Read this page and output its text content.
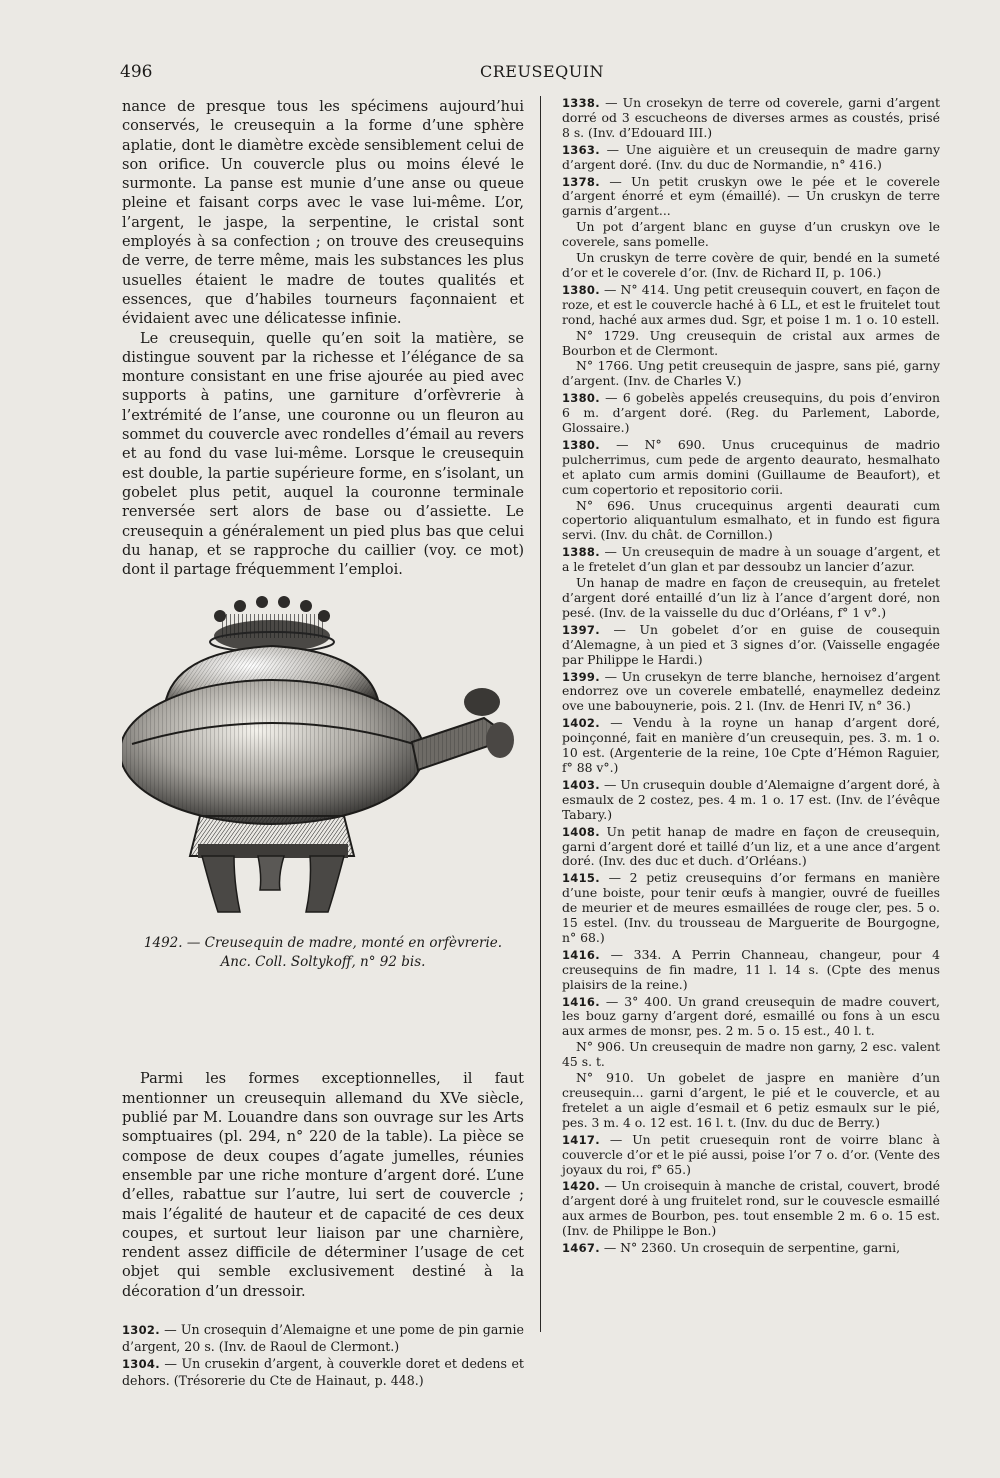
496	CREUSEQUIN

nance de presque tous les spécimens aujourd’hui conservés, le creusequin a la forme d’une sphère aplatie, dont le diamètre excède sensiblement celui de son orifice. Un couvercle plus ou moins élevé le surmonte. La panse est munie d’une anse ou queue pleine et faisant corps avec le vase lui-même. L’or, l’argent, le jaspe, la serpentine, le cristal sont employés à sa confection ; on trouve des creusequins de verre, de terre même, mais les substances les plus usuelles étaient le madre de toutes qualités et essences, que d’habiles tourneurs façonnaient et évidaient avec une délicatesse infinie.

Le creusequin, quelle qu’en soit la matière, se distingue souvent par la richesse et l’élégance de sa monture consistant en une frise ajourée au pied avec supports à patins, une garniture d’orfèvrerie à l’extrémité de l’anse, une couronne ou un fleuron au sommet du couvercle avec rondelles d’émail au revers et au fond du vase lui-même. Lorsque le creusequin est double, la partie supérieure forme, en s’isolant, un gobelet plus petit, auquel la couronne terminale renversée sert alors de base ou d’assiette. Le creusequin a généralement un pied plus bas que celui du hanap, et se rapproche du caillier (voy. ce mot) dont il partage fréquemment l’emploi.

1492. — Creusequin de madre, monté en orfèvrerie.
Anc. Coll. Soltykoff, n° 92 bis.

Parmi les formes exceptionnelles, il faut mentionner un creusequin allemand du XVe siècle, publié par M. Louandre dans son ouvrage sur les Arts somptuaires (pl. 294, n° 220 de la table). La pièce se compose de deux coupes d’agate jumelles, réunies ensemble par une riche monture d’argent doré. L’une d’elles, rabattue sur l’autre, lui sert de couvercle ; mais l’égalité de hauteur et de capacité de ces deux coupes, et surtout leur liaison par une charnière, rendent assez difficile de déterminer l’usage de cet objet qui semble exclusivement destiné à la décoration d’un dressoir.

1302. — Un crosequin d’Alemaigne et une pome de pin garnie d’argent, 20 s. (Inv. de Raoul de Clermont.)

1304. — Un crusekin d’argent, à couverkle doret et dedens et dehors. (Trésorerie du Cte de Hainaut, p. 448.)

1338. — Un crosekyn de terre od coverele, garni d’argent dorré od 3 escucheons de diverses armes as coustés, prisé 8 s. (Inv. d’Edouard III.)

1363. — Une aiguière et un creusequin de madre garny d’argent doré. (Inv. du duc de Normandie, n° 416.)

1378. — Un petit cruskyn owe le pée et le coverele d’argent énorré et eym (émaillé). — Un cruskyn de terre garnis d’argent...

Un pot d’argent blanc en guyse d’un cruskyn ove le coverele, sans pomelle.

Un cruskyn de terre covère de quir, bendé en la sumeté d’or et le coverele d’or. (Inv. de Richard II, p. 106.)

1380. — N° 414. Ung petit creusequin couvert, en façon de roze, et est le couvercle haché à 6 LL, et est le fruitelet tout rond, haché aux armes dud. Sgr, et poise 1 m. 1 o. 10 estell.

N° 1729. Ung creusequin de cristal aux armes de Bourbon et de Clermont.

N° 1766. Ung petit creusequin de jaspre, sans pié, garny d’argent. (Inv. de Charles V.)

1380. — 6 gobelès appelés creusequins, du pois d’environ 6 m. d’argent doré. (Reg. du Parlement, Laborde, Glossaire.)

1380. — N° 690. Unus crucequinus de madrio pulcherrimus, cum pede de argento deaurato, hesmalhato et aplato cum armis domini (Guillaume de Beaufort), et cum copertorio et repositorio corii.

N° 696. Unus crucequinus argenti deaurati cum copertorio aliquantulum esmalhato, et in fundo est figura servi. (Inv. du chât. de Cornillon.)

1388. — Un creusequin de madre à un souage d’argent, et a le fretelet d’un glan et par dessoubz un lancier d’azur.

Un hanap de madre en façon de creusequin, au fretelet d’argent doré entaillé d’un liz à l’ance d’argent doré, non pesé. (Inv. de la vaisselle du duc d’Orléans, f° 1 v°.)

1397. — Un gobelet d’or en guise de cousequin d’Alemagne, à un pied et 3 signes d’or. (Vaisselle engagée par Philippe le Hardi.)

1399. — Un crusekyn de terre blanche, hernoisez d’argent endorrez ove un coverele embatellé, enaymellez dedeinz ove une babouynerie, pois. 2 l. (Inv. de Henri IV, n° 36.)

1402. — Vendu à la royne un hanap d’argent doré, poinçonné, fait en manière d’un creusequin, pes. 3. m. 1 o. 10 est. (Argenterie de la reine, 10e Cpte d’Hémon Raguier, f° 88 v°.)

1403. — Un crusequin double d’Alemaigne d’argent doré, à esmaulx de 2 costez, pes. 4 m. 1 o. 17 est. (Inv. de l’évêque Tabary.)

1408. Un petit hanap de madre en façon de creusequin, garni d’argent doré et taillé d’un liz, et a une ance d’argent doré. (Inv. des duc et duch. d’Orléans.)

1415. — 2 petiz creusequins d’or fermans en manière d’une boiste, pour tenir œufs à mangier, ouvré de fueilles de meurier et de meures esmaillées de rouge cler, pes. 5 o. 15 estel. (Inv. du trousseau de Marguerite de Bourgogne, n° 68.)

1416. — 334. A Perrin Channeau, changeur, pour 4 creusequins de fin madre, 11 l. 14 s. (Cpte des menus plaisirs de la reine.)

1416. — 3° 400. Un grand creusequin de madre couvert, les bouz garny d’argent doré, esmaillé ou fons à un escu aux armes de monsr, pes. 2 m. 5 o. 15 est., 40 l. t.

N° 906. Un creusequin de madre non garny, 2 esc. valent 45 s. t.

N° 910. Un gobelet de jaspre en manière d’un creusequin... garni d’argent, le pié et le couvercle, et au fretelet a un aigle d’esmail et 6 petiz esmaulx sur le pié, pes. 3 m. 4 o. 12 est. 16 l. t. (Inv. du duc de Berry.)

1417. — Un petit cruesequin ront de voirre blanc à couvercle d’or et le pié aussi, poise l’or 7 o. d’or. (Vente des joyaux du roi, f° 65.)

1420. — Un croisequin à manche de cristal, couvert, brodé d’argent doré à ung fruitelet rond, sur le couvescle esmaillé aux armes de Bourbon, pes. tout ensemble 2 m. 6 o. 15 est. (Inv. de Philippe le Bon.)

1467. — N° 2360. Un crosequin de serpentine, garni,
